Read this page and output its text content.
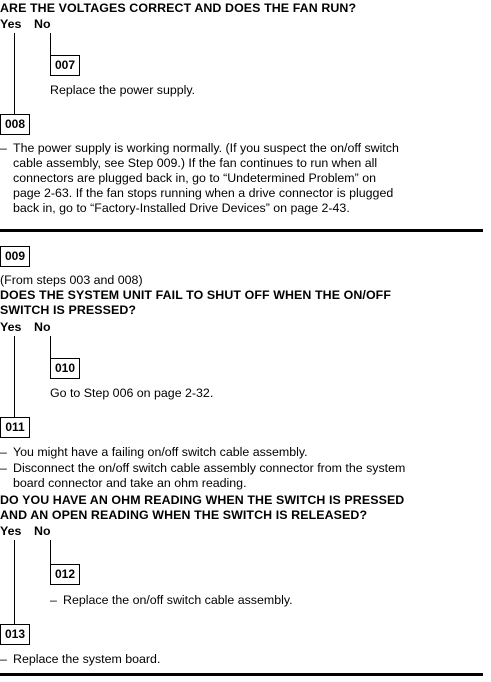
ARE THE VOLTAGES CORRECT AND DOES THE FAN RUN?
Yes No
007
Replace the power supply.
008
– The power supply is working normally. (If you suspect the on/off switch
cable assembly, see Step 009.) If the fan continues to run when all
connectors are plugged back in, go to “Undetermined Problem” on
page 2-63. If the fan stops running when a drive connector is plugged
back in, go to “Factory-Installed Drive Devices” on page 2-43.
009
(From steps 003 and 008)
DOES THE SYSTEM UNIT FAIL TO SHUT OFF WHEN THE ON/OFF
SWITCH IS PRESSED?
Yes No
010
Go to Step 006 on page 2-32.
011
– You might have a failing on/off switch cable assembly.
– Disconnect the on/off switch cable assembly connector from the system
board connector and take an ohm reading.
DO YOU HAVE AN OHM READING WHEN THE SWITCH IS PRESSED
AND AN OPEN READING WHEN THE SWITCH IS RELEASED?
Yes No
012
– Replace the on/off switch cable assembly.
013
– Replace the system board.
